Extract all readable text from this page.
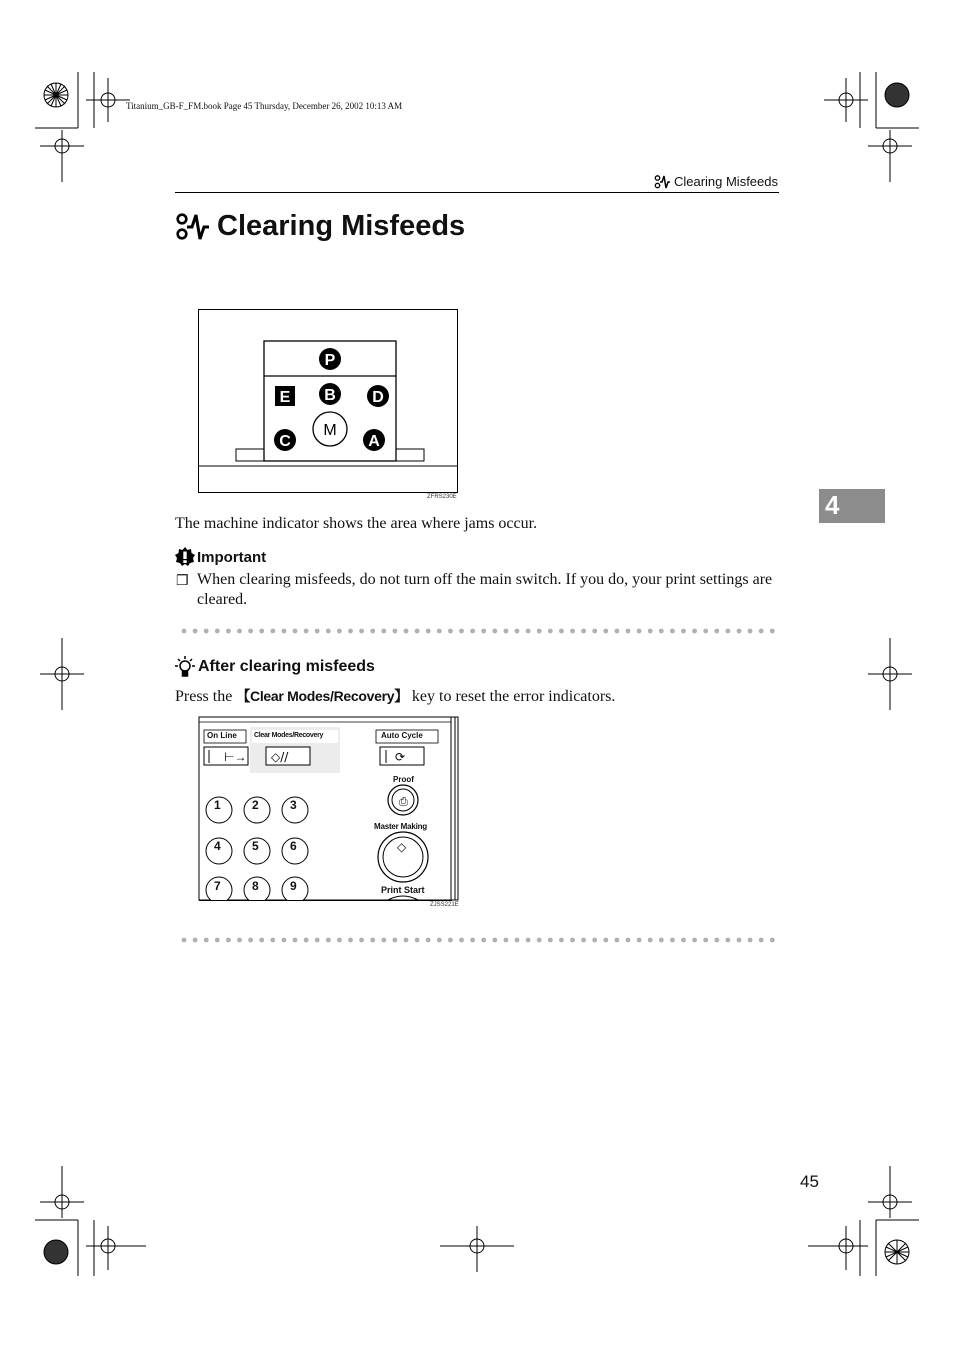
Titanium_GB-F_FM.book Page 45 Thursday, December 26, 2002 10:13 AM
Clearing Misfeeds
Clearing Misfeeds
P
E B D
M
C	A
ZFRS230E
The machine indicator shows the area where jams occur.
Important
❒ When clearing misfeeds, do not turn off the main switch. If you do, your print settings are cleared.
After clearing misfeeds
Press the 【 Clear Modes/Recovery 】 key to reset the error indicators.
⊢→ ◇//	⟳
⎙
◇
On Line Clear Modes/Recovery	Auto Cycle
Proof
Master Making
Print Start
1	2	3
4	5	6
7	8	9
ZJSS221E
4
45
